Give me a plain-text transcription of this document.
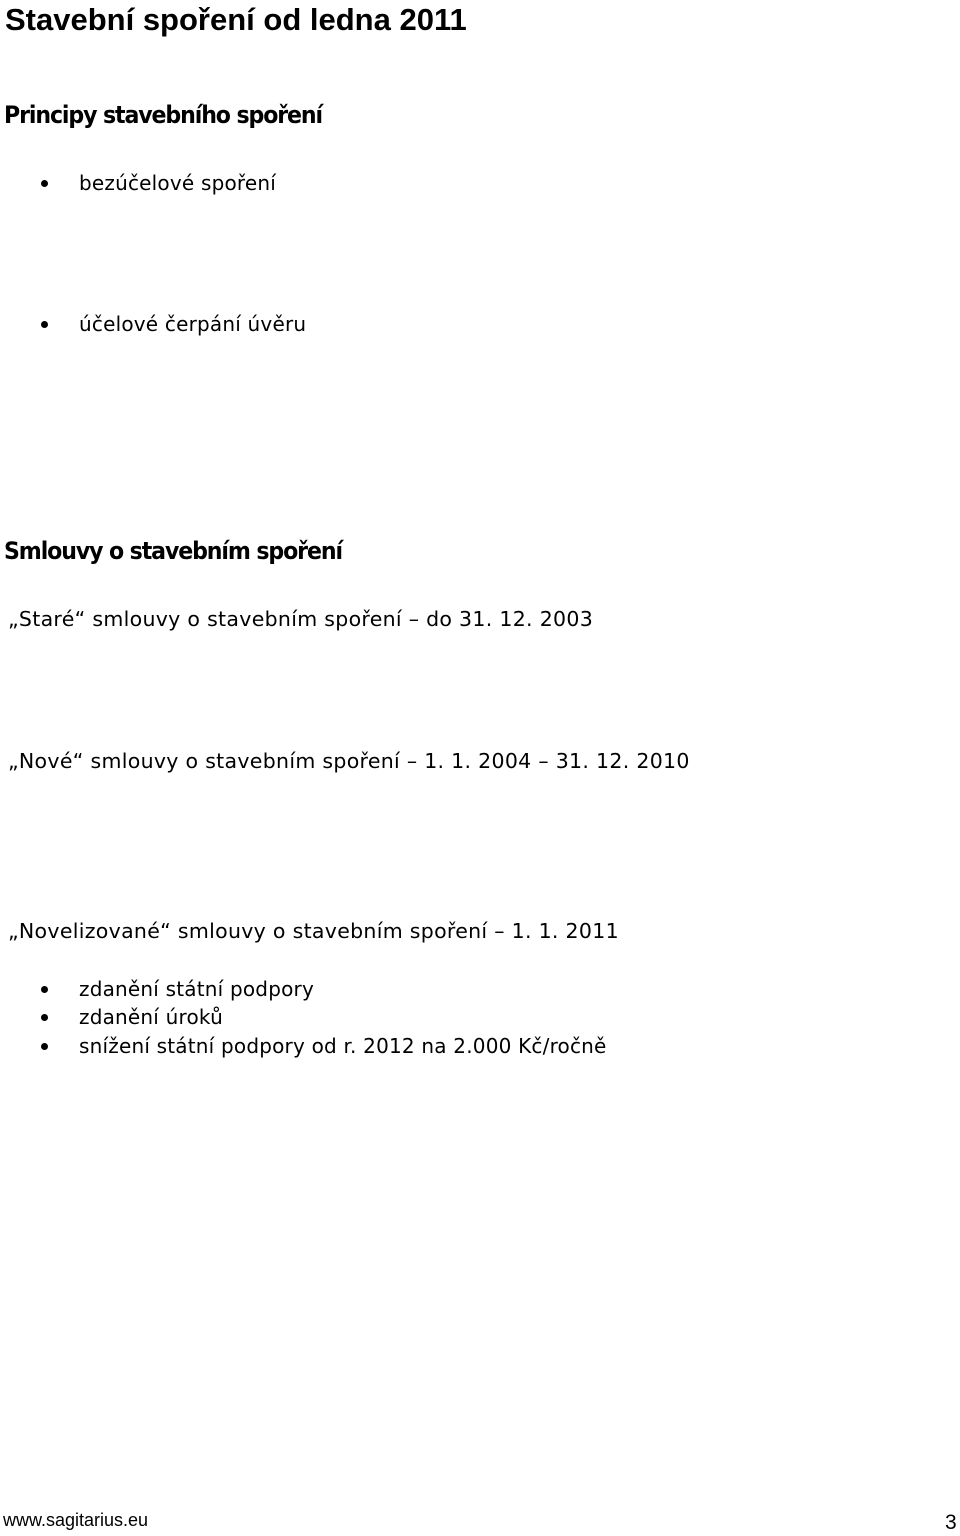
Stavební spoření od ledna 2011
Principy stavebního spoření
bezúčelové spoření
účelové čerpání úvěru
Smlouvy o stavebním spoření

„Staré“ smlouvy o stavebním spoření – do 31. 12. 2003

„Nové“ smlouvy o stavebním spoření – 1. 1. 2004 – 31. 12. 2010

„Novelizované“ smlouvy o stavebním spoření – 1. 1. 2011

zdanění státní podpory
zdanění úroků
snížení státní podpory od r. 2012 na 2.000 Kč/ročně
www.sagitarius.eu	3
